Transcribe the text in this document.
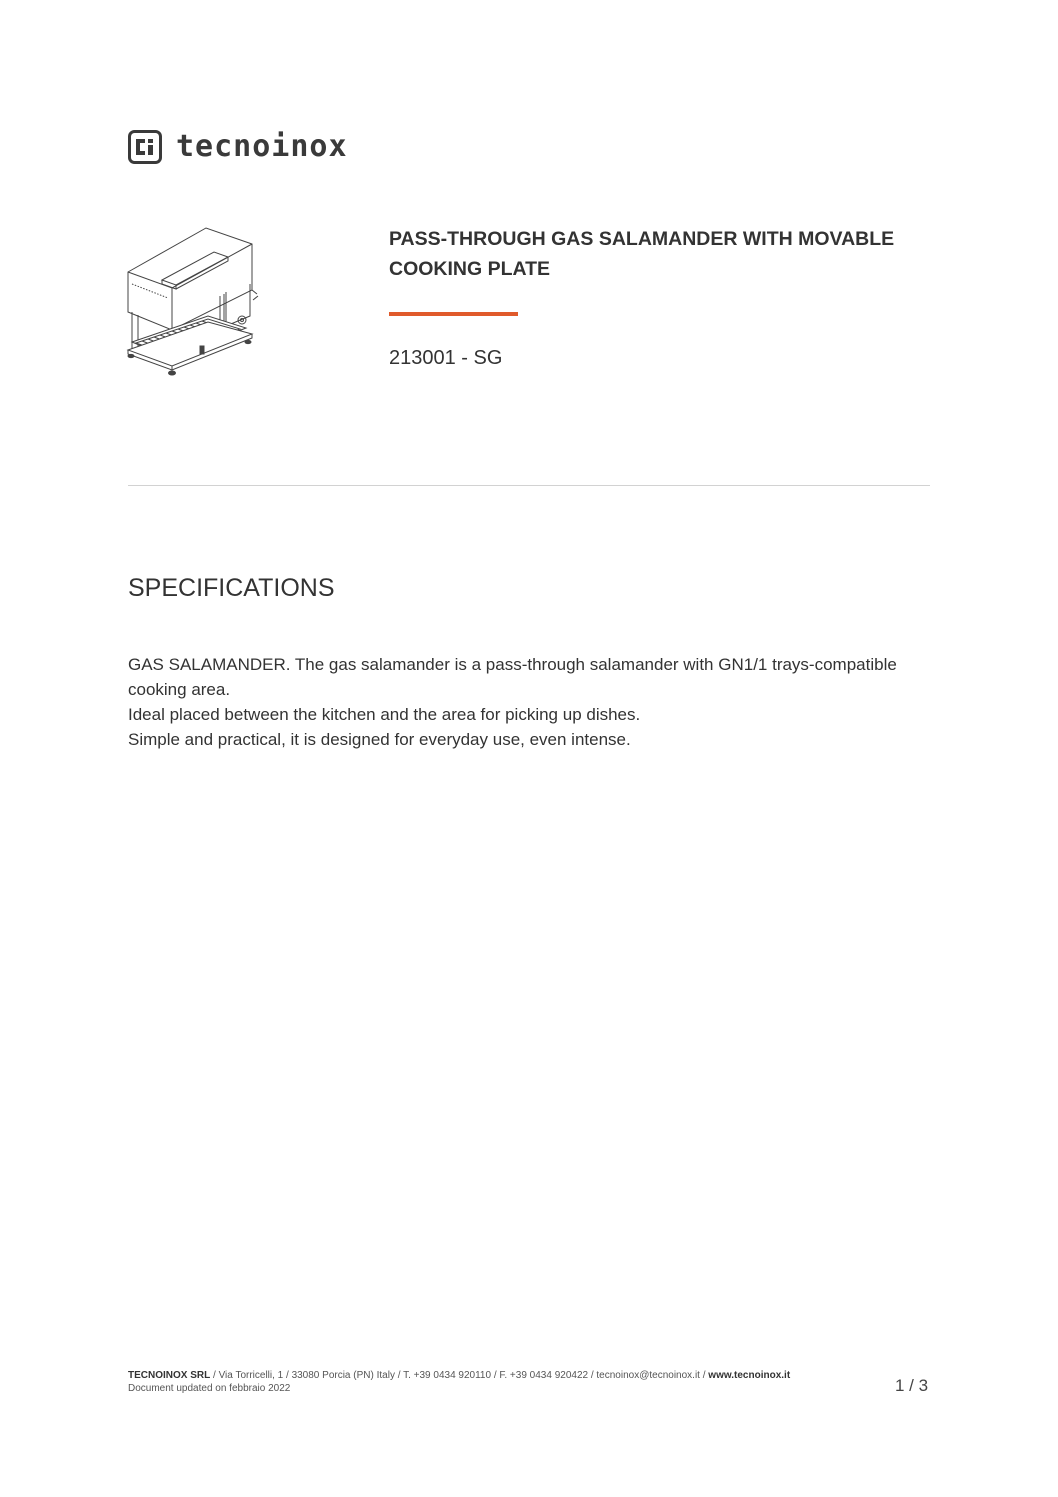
tecnoinox
PASS-THROUGH GAS SALAMANDER WITH MOVABLE COOKING PLATE
213001 - SG
SPECIFICATIONS

GAS SALAMANDER. The gas salamander is a pass-through salamander with GN1/1 trays-compatible cooking area.

Ideal placed between the kitchen and the area for picking up dishes.

Simple and practical, it is designed for everyday use, even intense.

TECNOINOX SRL / Via Torricelli, 1 / 33080 Porcia (PN) Italy / T. +39 0434 920110 / F. +39 0434 920422 / tecnoinox@tecnoinox.it / www.tecnoinox.it
Document updated on febbraio 2022	1 / 3
